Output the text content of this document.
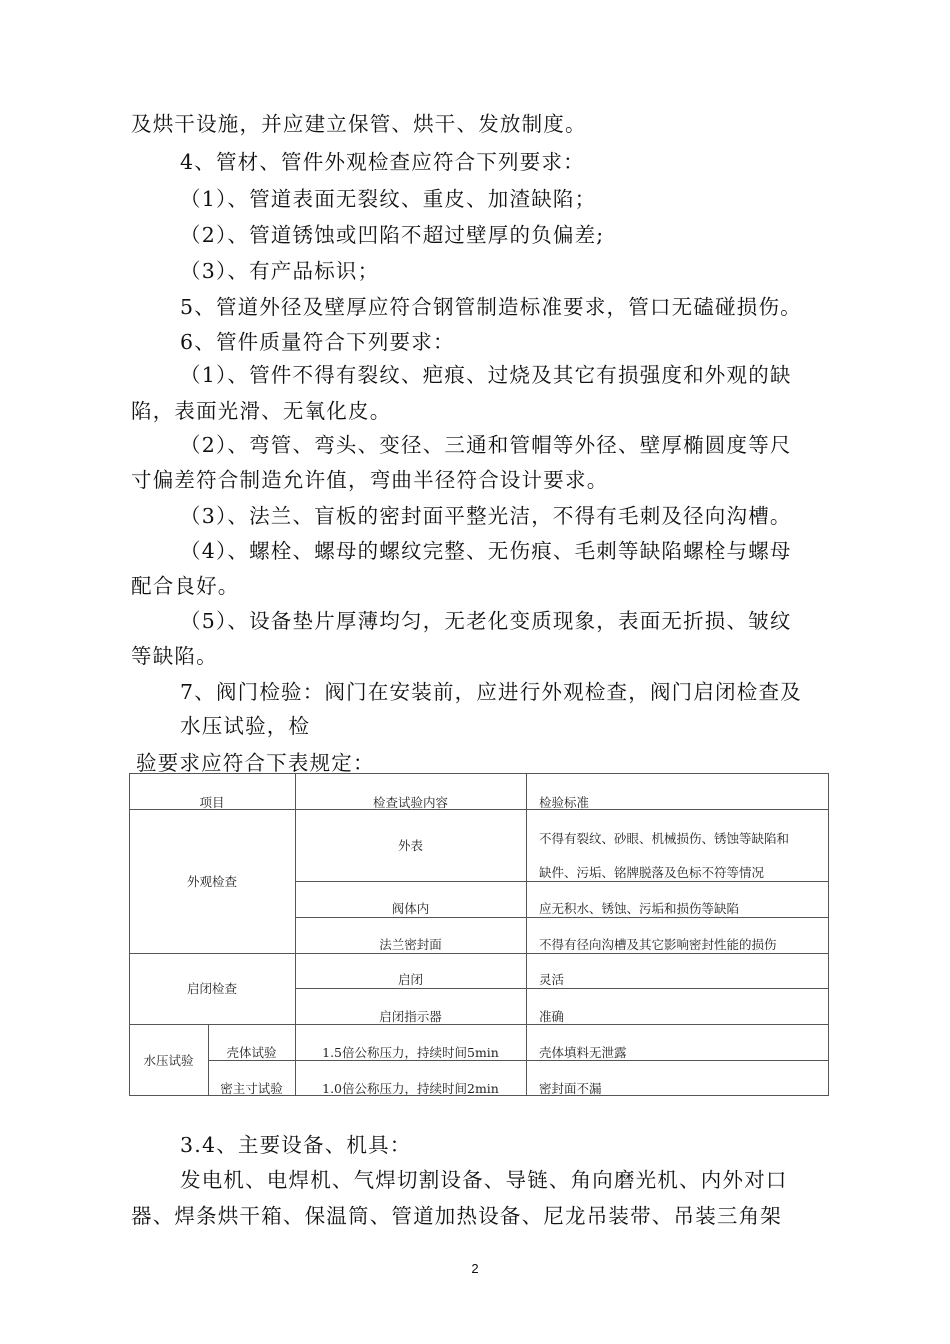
及烘干设施，并应建立保管、烘干、发放制度。
4、管材、管件外观检查应符合下列要求：
（1）、管道表面无裂纹、重皮、加渣缺陷；
（2）、管道锈蚀或凹陷不超过壁厚的负偏差;
（3）、有产品标识；
5、管道外径及壁厚应符合钢管制造标准要求，管口无磕碰损伤。
6、管件质量符合下列要求：
（1）、管件不得有裂纹、疤痕、过烧及其它有损强度和外观的缺
陷，表面光滑、无氧化皮。
（2）、弯管、弯头、变径、三通和管帽等外径、壁厚椭圆度等尺
寸偏差符合制造允许值，弯曲半径符合设计要求。
（3）、法兰、盲板的密封面平整光洁，不得有毛刺及径向沟槽。
（4）、螺栓、螺母的螺纹完整、无伤痕、毛刺等缺陷螺栓与螺母
配合良好。
（5）、设备垫片厚薄均匀，无老化变质现象，表面无折损、皱纹
等缺陷。
7、阀门检验：阀门在安装前，应进行外观检查，阀门启闭检查及
水压试验，检
验要求应符合下表规定：
项目	检查试验内容	检验标准
外观检查
外表	不得有裂纹、砂眼、机械损伤、锈蚀等缺陷和
缺件、污垢、铭牌脱落及色标不符等情况
阀体内	应无积水、锈蚀、污垢和损伤等缺陷
法兰密封面	不得有径向沟槽及其它影响密封性能的损伤
启闭检查
启闭	灵活
启闭指示器	准确
水压试验
壳体试验	1.5倍公称压力，持续时间5min	壳体填料无泄露
密主寸试验	1.0倍公称压力，持续时间2min	密封面不漏
3.4、主要设备、机具：
发电机、电焊机、气焊切割设备、导链、角向磨光机、内外对口
器、焊条烘干箱、保温筒、管道加热设备、尼龙吊装带、吊装三角架
2
